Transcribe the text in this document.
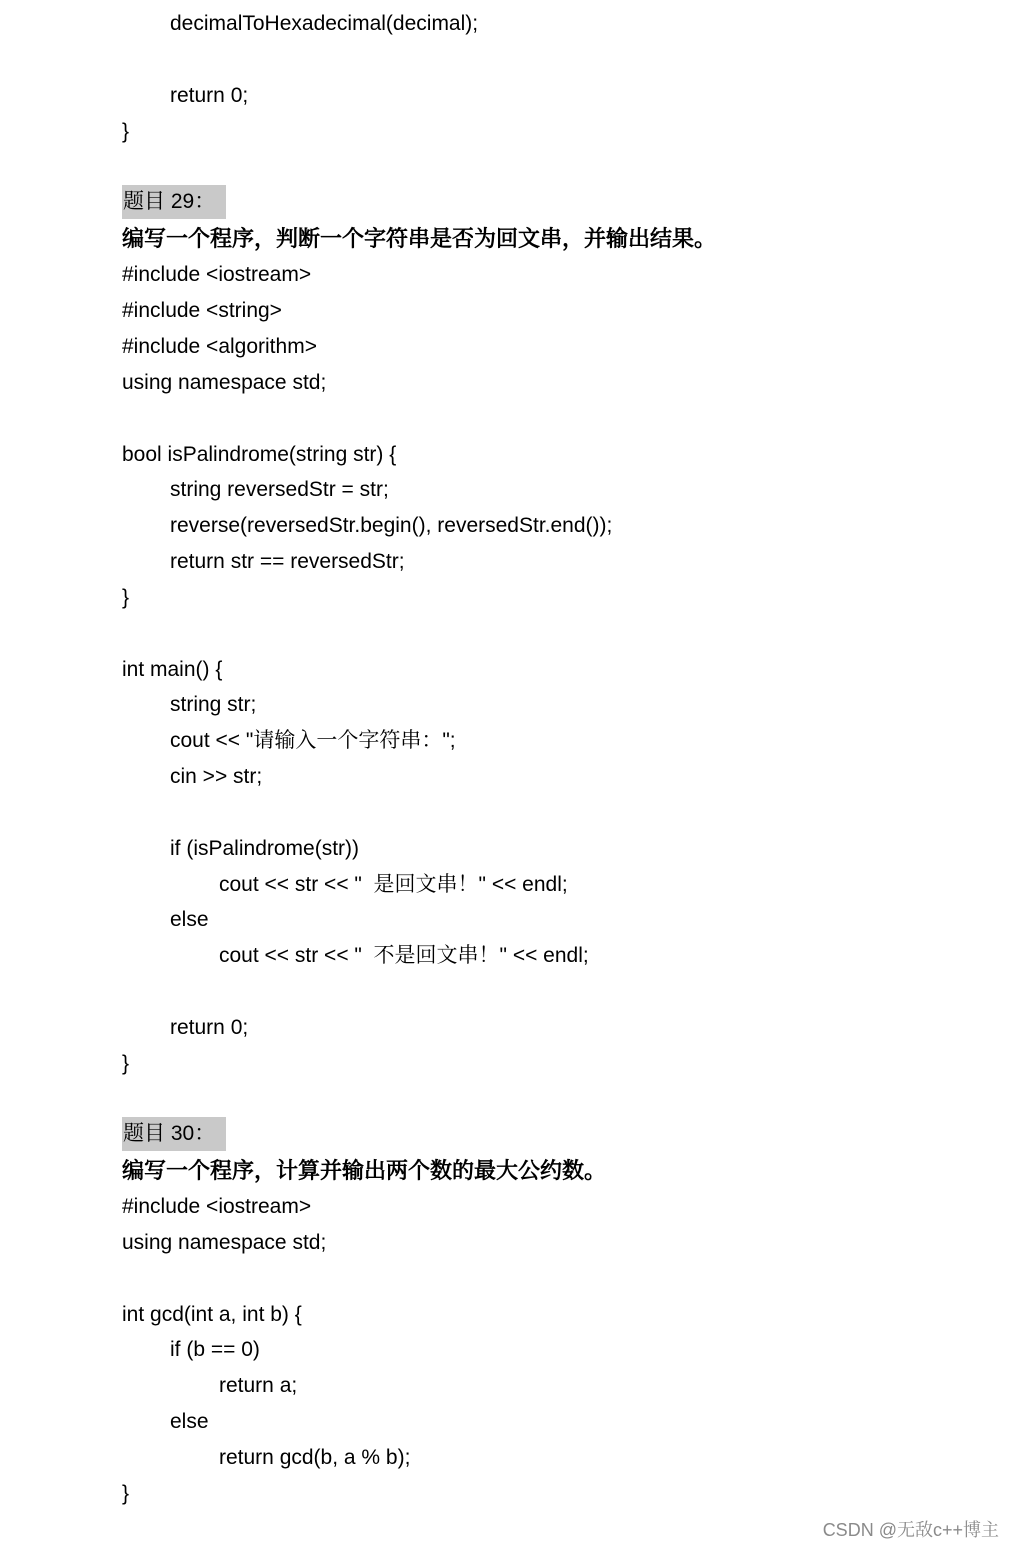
decimalToHexadecimal(decimal);
return 0;
}
题目 29：
编写一个程序，判断一个字符串是否为回文串，并输出结果。
#include <iostream>
#include <string>
#include <algorithm>
using namespace std;
bool isPalindrome(string str) {
string reversedStr = str;
reverse(reversedStr.begin(), reversedStr.end());
return str == reversedStr;
}
int main() {
string str;
cout << "请输入一个字符串：";
cin >> str;
if (isPalindrome(str))
cout << str << "  是回文串！" << endl;
else
cout << str << "  不是回文串！" << endl;
return 0;
}
题目 30：
编写一个程序，计算并输出两个数的最大公约数。
#include <iostream>
using namespace std;
int gcd(int a, int b) {
if (b == 0)
return a;
else
return gcd(b, a % b);
}
CSDN @无敌c++博主
